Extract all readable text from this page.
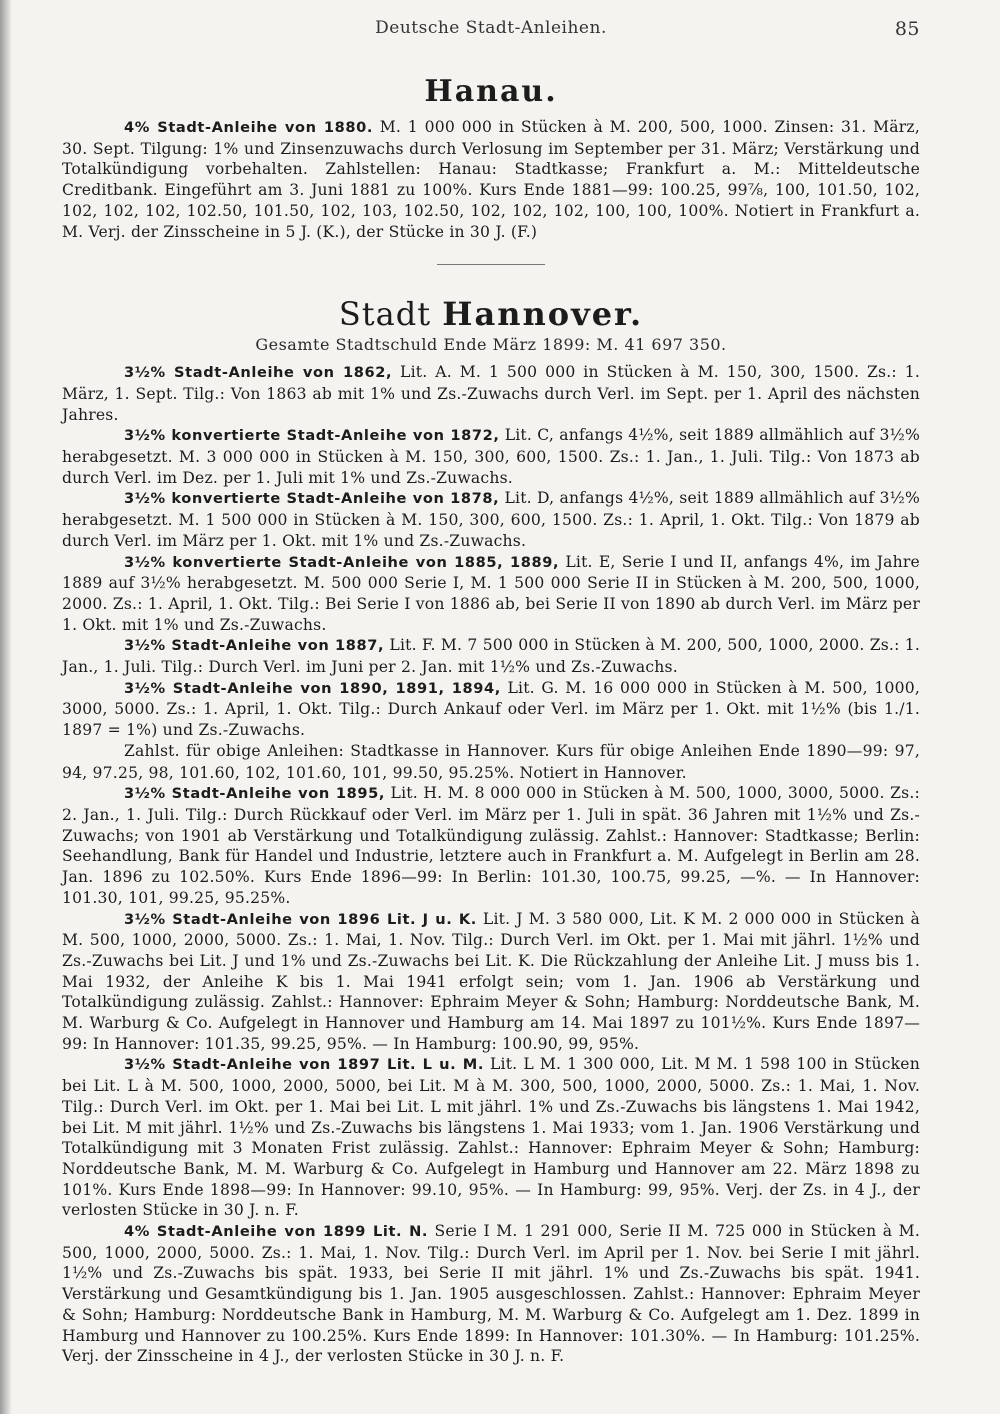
Deutsche Stadt-Anleihen.	85
Hanau.

4% Stadt-Anleihe von 1880. M. 1 000 000 in Stücken à M. 200, 500, 1000. Zinsen: 31. März, 30. Sept. Tilgung: 1% und Zinsenzuwachs durch Verlosung im September per 31. März; Verstärkung und Totalkündigung vorbehalten. Zahlstellen: Hanau: Stadtkasse; Frankfurt a. M.: Mitteldeutsche Creditbank. Eingeführt am 3. Juni 1881 zu 100%. Kurs Ende 1881—99: 100.25, 99⅞, 100, 101.50, 102, 102, 102, 102, 102.50, 101.50, 102, 103, 102.50, 102, 102, 102, 100, 100, 100%. Notiert in Frankfurt a. M. Verj. der Zinsscheine in 5 J. (K.), der Stücke in 30 J. (F.)

Stadt Hannover.
Gesamte Stadtschuld Ende März 1899: M. 41 697 350.

3½% Stadt-Anleihe von 1862, Lit. A. M. 1 500 000 in Stücken à M. 150, 300, 1500. Zs.: 1. März, 1. Sept. Tilg.: Von 1863 ab mit 1% und Zs.-Zuwachs durch Verl. im Sept. per 1. April des nächsten Jahres.

3½% konvertierte Stadt-Anleihe von 1872, Lit. C, anfangs 4½%, seit 1889 allmählich auf 3½% herabgesetzt. M. 3 000 000 in Stücken à M. 150, 300, 600, 1500. Zs.: 1. Jan., 1. Juli. Tilg.: Von 1873 ab durch Verl. im Dez. per 1. Juli mit 1% und Zs.-Zuwachs.

3½% konvertierte Stadt-Anleihe von 1878, Lit. D, anfangs 4½%, seit 1889 allmählich auf 3½% herabgesetzt. M. 1 500 000 in Stücken à M. 150, 300, 600, 1500. Zs.: 1. April, 1. Okt. Tilg.: Von 1879 ab durch Verl. im März per 1. Okt. mit 1% und Zs.-Zuwachs.

3½% konvertierte Stadt-Anleihe von 1885, 1889, Lit. E, Serie I und II, anfangs 4%, im Jahre 1889 auf 3½% herabgesetzt. M. 500 000 Serie I, M. 1 500 000 Serie II in Stücken à M. 200, 500, 1000, 2000. Zs.: 1. April, 1. Okt. Tilg.: Bei Serie I von 1886 ab, bei Serie II von 1890 ab durch Verl. im März per 1. Okt. mit 1% und Zs.-Zuwachs.

3½% Stadt-Anleihe von 1887, Lit. F. M. 7 500 000 in Stücken à M. 200, 500, 1000, 2000. Zs.: 1. Jan., 1. Juli. Tilg.: Durch Verl. im Juni per 2. Jan. mit 1½% und Zs.-Zuwachs.

3½% Stadt-Anleihe von 1890, 1891, 1894, Lit. G. M. 16 000 000 in Stücken à M. 500, 1000, 3000, 5000. Zs.: 1. April, 1. Okt. Tilg.: Durch Ankauf oder Verl. im März per 1. Okt. mit 1½% (bis 1./1. 1897 = 1%) und Zs.-Zuwachs.

Zahlst. für obige Anleihen: Stadtkasse in Hannover. Kurs für obige Anleihen Ende 1890—99: 97, 94, 97.25, 98, 101.60, 102, 101.60, 101, 99.50, 95.25%. Notiert in Hannover.

3½% Stadt-Anleihe von 1895, Lit. H. M. 8 000 000 in Stücken à M. 500, 1000, 3000, 5000. Zs.: 2. Jan., 1. Juli. Tilg.: Durch Rückkauf oder Verl. im März per 1. Juli in spät. 36 Jahren mit 1½% und Zs.-Zuwachs; von 1901 ab Verstärkung und Totalkündigung zulässig. Zahlst.: Hannover: Stadtkasse; Berlin: Seehandlung, Bank für Handel und Industrie, letztere auch in Frankfurt a. M. Aufgelegt in Berlin am 28. Jan. 1896 zu 102.50%. Kurs Ende 1896—99: In Berlin: 101.30, 100.75, 99.25, —%. — In Hannover: 101.30, 101, 99.25, 95.25%.

3½% Stadt-Anleihe von 1896 Lit. J u. K. Lit. J M. 3 580 000, Lit. K M. 2 000 000 in Stücken à M. 500, 1000, 2000, 5000. Zs.: 1. Mai, 1. Nov. Tilg.: Durch Verl. im Okt. per 1. Mai mit jährl. 1½% und Zs.-Zuwachs bei Lit. J und 1% und Zs.-Zuwachs bei Lit. K. Die Rückzahlung der Anleihe Lit. J muss bis 1. Mai 1932, der Anleihe K bis 1. Mai 1941 erfolgt sein; vom 1. Jan. 1906 ab Verstärkung und Totalkündigung zulässig. Zahlst.: Hannover: Ephraim Meyer & Sohn; Hamburg: Norddeutsche Bank, M. M. Warburg & Co. Aufgelegt in Hannover und Hamburg am 14. Mai 1897 zu 101½%. Kurs Ende 1897—99: In Hannover: 101.35, 99.25, 95%. — In Hamburg: 100.90, 99, 95%.

3½% Stadt-Anleihe von 1897 Lit. L u. M. Lit. L M. 1 300 000, Lit. M M. 1 598 100 in Stücken bei Lit. L à M. 500, 1000, 2000, 5000, bei Lit. M à M. 300, 500, 1000, 2000, 5000. Zs.: 1. Mai, 1. Nov. Tilg.: Durch Verl. im Okt. per 1. Mai bei Lit. L mit jährl. 1% und Zs.-Zuwachs bis längstens 1. Mai 1942, bei Lit. M mit jährl. 1½% und Zs.-Zuwachs bis längstens 1. Mai 1933; vom 1. Jan. 1906 Verstärkung und Totalkündigung mit 3 Monaten Frist zulässig. Zahlst.: Hannover: Ephraim Meyer & Sohn; Hamburg: Norddeutsche Bank, M. M. Warburg & Co. Aufgelegt in Hamburg und Hannover am 22. März 1898 zu 101%. Kurs Ende 1898—99: In Hannover: 99.10, 95%. — In Hamburg: 99, 95%. Verj. der Zs. in 4 J., der verlosten Stücke in 30 J. n. F.

4% Stadt-Anleihe von 1899 Lit. N. Serie I M. 1 291 000, Serie II M. 725 000 in Stücken à M. 500, 1000, 2000, 5000. Zs.: 1. Mai, 1. Nov. Tilg.: Durch Verl. im April per 1. Nov. bei Serie I mit jährl. 1½% und Zs.-Zuwachs bis spät. 1933, bei Serie II mit jährl. 1% und Zs.-Zuwachs bis spät. 1941. Verstärkung und Gesamtkündigung bis 1. Jan. 1905 ausgeschlossen. Zahlst.: Hannover: Ephraim Meyer & Sohn; Hamburg: Norddeutsche Bank in Hamburg, M. M. Warburg & Co. Aufgelegt am 1. Dez. 1899 in Hamburg und Hannover zu 100.25%. Kurs Ende 1899: In Hannover: 101.30%. — In Hamburg: 101.25%. Verj. der Zinsscheine in 4 J., der verlosten Stücke in 30 J. n. F.
